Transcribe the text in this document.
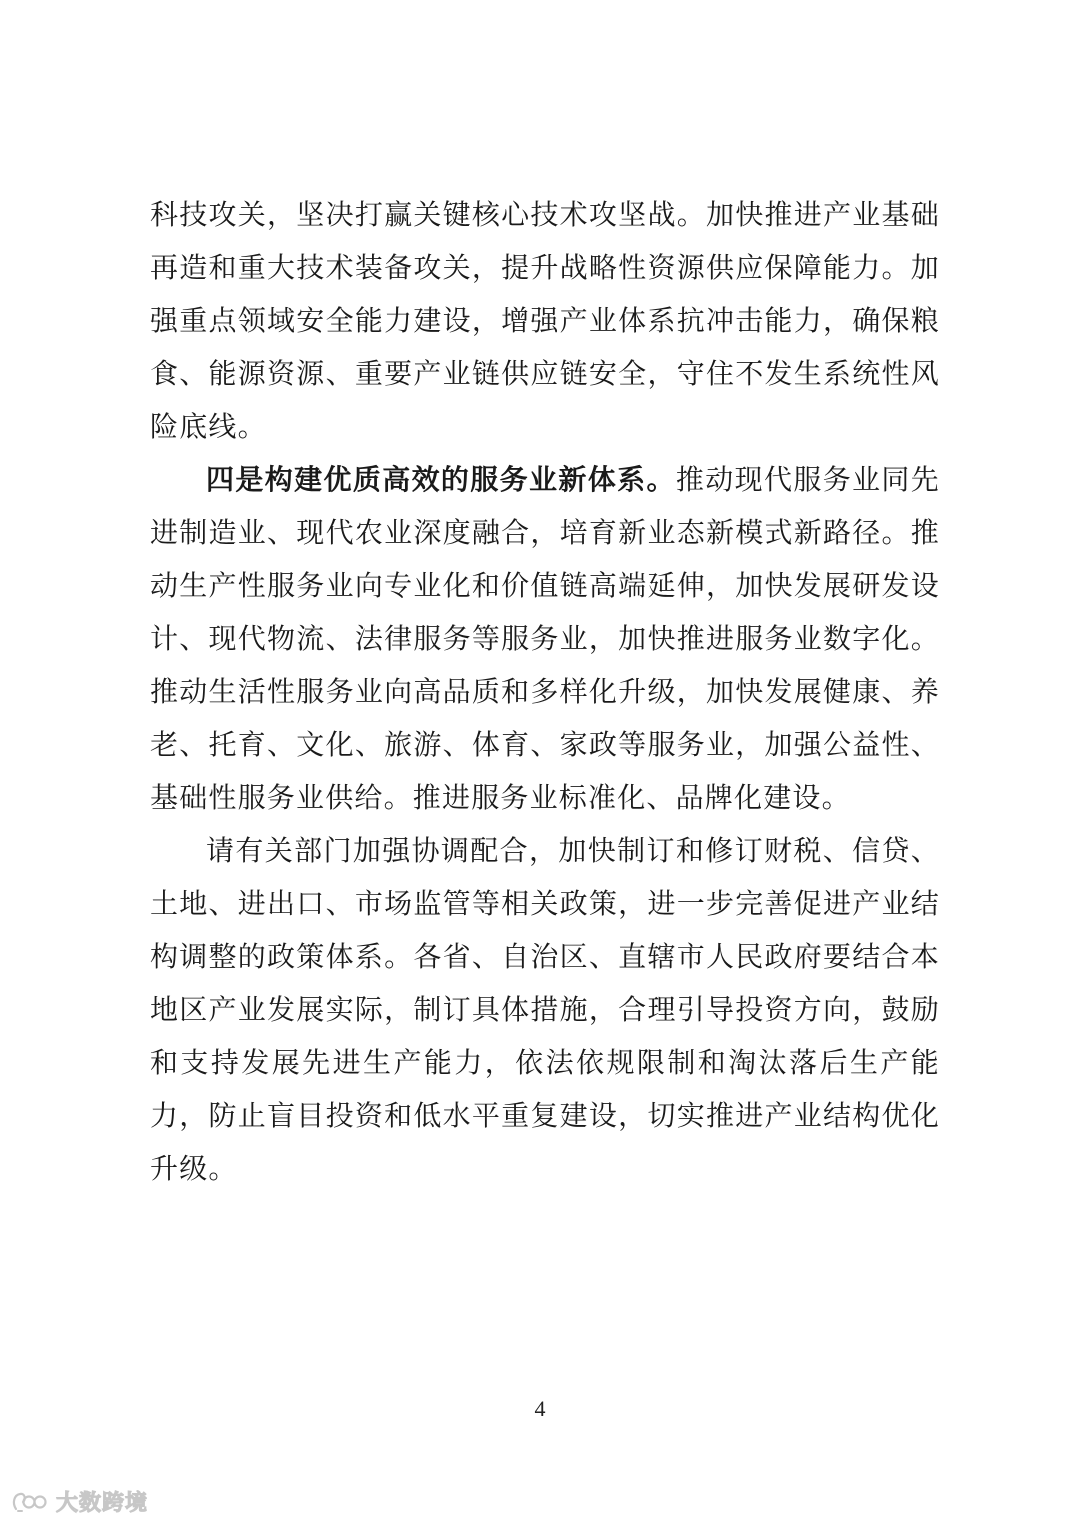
科技攻关，坚决打赢关键核心技术攻坚战。加快推进产业基础再造和重大技术装备攻关，提升战略性资源供应保障能力。加强重点领域安全能力建设，增强产业体系抗冲击能力，确保粮食、能源资源、重要产业链供应链安全，守住不发生系统性风险底线。

四是构建优质高效的服务业新体系。推动现代服务业同先进制造业、现代农业深度融合，培育新业态新模式新路径。推动生产性服务业向专业化和价值链高端延伸，加快发展研发设计、现代物流、法律服务等服务业，加快推进服务业数字化。推动生活性服务业向高品质和多样化升级，加快发展健康、养老、托育、文化、旅游、体育、家政等服务业，加强公益性、基础性服务业供给。推进服务业标准化、品牌化建设。

请有关部门加强协调配合，加快制订和修订财税、信贷、土地、进出口、市场监管等相关政策，进一步完善促进产业结构调整的政策体系。各省、自治区、直辖市人民政府要结合本地区产业发展实际，制订具体措施，合理引导投资方向，鼓励和支持发展先进生产能力，依法依规限制和淘汰落后生产能力，防止盲目投资和低水平重复建设，切实推进产业结构优化升级。

4
大数跨境
